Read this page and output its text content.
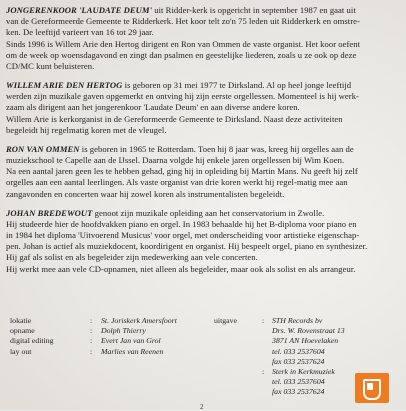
JONGERENKOOR 'LAUDATE DEUM' uit Ridder-kerk is opgericht in september 1987 en gaat uit
van de Gereformeerde Gemeente te Ridderkerk. Het koor telt zo'n 75 leden uit Ridderkerk en omstre-
ken. De leeftijd varieert van 16 tot 29 jaar.
Sinds 1996 is Willem Arie den Hertog dirigent en Ron van Ommen de vaste organist. Het koor oefent
om de week op woensdagavond en zingt dan psalmen en geestelijke liederen, zoals u ze ook op deze
CD/MC kunt beluisteren.
WILLEM ARIE DEN HERTOG is geboren op 31 mei 1977 te Dirksland. Al op heel jonge leeftijd
werden zijn muzikale gaven opgemerkt en ontving hij zijn eerste orgellessen. Momenteel is hij werk-
zaam als dirigent aan het jongerenkoor 'Laudate Deum' en aan diverse andere koren.
Willem Arie is kerkorganist in de Gereformeerde Gemeente te Dirksland. Naast deze activiteiten
begeleidt hij regelmatig koren met de vleugel.
RON VAN OMMEN is geboren in 1965 te Rotterdam. Toen hij 8 jaar was, kreeg hij orgelles aan de
muziekschool te Capelle aan de IJssel. Daarna volgde hij enkele jaren orgellessen bij Wim Koen.
Na een aantal jaren geen les te hebben gehad, ging hij in opleiding bij Martin Mans. Nu geeft hij zelf
orgelles aan een aantal leerlingen. Als vaste organist van drie koren werkt hij regel-matig mee aan
zangavonden en concerten waar hij zowel koren als instrumentalisten begeleidt.
JOHAN BREDEWOUT genoot zijn muzikale opleiding aan het conservatorium in Zwolle.
Hij studeerde hier de hoofdvakken piano en orgel. In 1983 behaalde hij het B-diploma voor piano en
in 1984 het diploma 'Uitvoerend Musicus' voor orgel, met onderscheiding voor artistieke eigenschap-
pen. Johan is actief als muziekdocent, koordirigent en organist. Hij bespeelt orgel, piano en synthesizer.
Hij gaf als solist en als begeleider zijn medewerking aan vele concerten.
Hij werkt mee aan vele CD-opnamen, niet alleen als begeleider, maar ook als solist en als arrangeur.
lokatie
opname
digital editing
lay out
:
:
:
:
St. Joriskerk Amersfoort
Dolph Thierry
Evert Jan van Grol
Marlies van Reenen
uitgave	:

:
STH Records bv
Drs. W. Rovenstraat 13
3871 AN Hoevelaken
tel. 033 2537604
fax 033 2537624
Sterk in Kerkmuziek
tel. 033 2537604
fax 033 2537624
2
